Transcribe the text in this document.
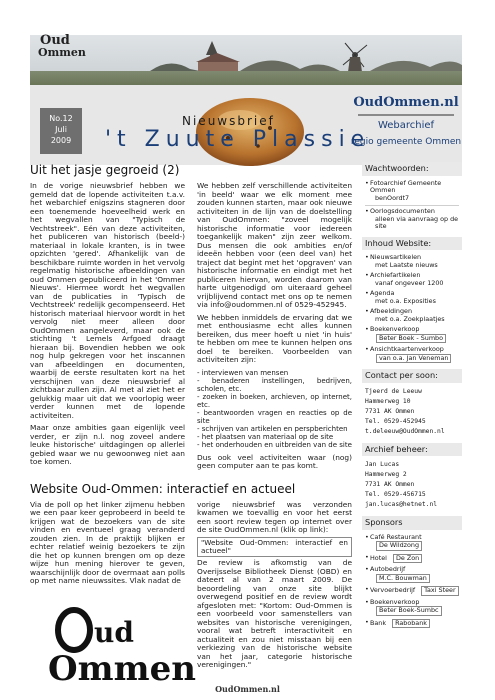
Oud
Ommen
No.12
Juli
2009
Nieuwsbrief
't Zuute Plassie
OudOmmen.nl
Webarchief
regio gemeente Ommen
Uit het jasje gegroeid (2)

In de vorige nieuwsbrief hebben we gemeld dat de lopende activiteiten t.a.v. het webarchief enigszins stagneren door een toenemende hoeveelheid werk en het wegvallen van "Typisch de Vechtstreek". Eén van deze activiteiten, het publiceren van historisch (beeld-) materiaal in lokale kranten, is in twee opzichten 'gered'. Afhankelijk van de beschikbare ruimte worden in het vervolg regelmatig historische afbeeldingen van oud Ommen gepubliceerd in het 'Ommer Nieuws'. Hiermee wordt het wegvallen van de publicaties in 'Typisch de Vechtstreek' redelijk gecompenseerd. Het historisch materiaal hiervoor wordt in het vervolg niet meer alleen door OudOmmen aangeleverd, maar ook de stichting 't Lemels Arfgoed draagt hieraan bij. Bovendien hebben we ook nog hulp gekregen voor het inscannen van afbeeldingen en documenten, waarbij de eerste resultaten kort na het verschijnen van deze nieuwsbrief al zichtbaar zullen zijn. Al met al ziet het er gelukkig maar uit dat we voorlopig weer verder kunnen met de lopende activiteiten.

Maar onze ambities gaan eigenlijk veel verder, er zijn n.l. nog zoveel andere leuke historische' uitdagingen op allerlei gebied waar we nu gewoonweg niet aan toe komen.

We hebben zelf verschillende activiteiten 'in beeld' waar we elk moment mee zouden kunnen starten, maar ook nieuwe activiteiten in de lijn van de doelstelling van OudOmmen: "zoveel mogelijk historische informatie voor iedereen toegankelijk maken" zijn zeer welkom. Dus mensen die ook ambities en/of ideeën hebben voor (een deel van) het traject dat begint met het 'opgraven' van historische informatie en eindigt met het publiceren hiervan, worden daarom van harte uitgenodigd om uiteraard geheel vrijblijvend contact met ons op te nemen via info@oudommen.nl of 0529-452945.

We hebben inmiddels de ervaring dat we met enthousiasme echt alles kunnen bereiken, dus meer hoeft u niet 'in huis' te hebben om mee te kunnen helpen ons doel te bereiken. Voorbeelden van activiteiten zijn:

- interviewen van mensen
- benaderen instellingen, bedrijven, scholen, etc.
- zoeken in boeken, archieven, op internet, etc.
- beantwoorden vragen en reacties op de site
- schrijven van artikelen en perspberichten
- het plaatsen van materiaal op de site
- het onderhouden en uitbreiden van de site

Dus ook veel activiteiten waar (nog) geen computer aan te pas komt.

Website Oud-Ommen: interactief en actueel

Via de poll op het linker zijmenu hebben we een paar keer geprobeerd in beeld te krijgen wat de bezoekers van de site vinden en eventueel graag veranderd zouden zien. In de praktijk blijken er echter relatief weinig bezoekers te zijn die het op kunnen brengen om op deze wijze hun mening hierover te geven, waarschijnlijk door de overmaat aan polls op met name nieuwssites. Vlak nadat de

ud
Ommen

vorige nieuwsbrief was verzonden kwamen we toevallig en voor het eerst een soort review tegen op internet over de site OudOmmen.nl (klik op link):

"Website Oud-Ommen: interactief en actueel"

De review is afkomstig van de Overijsselse Bibliotheek Dienst (OBD) en dateert al van 2 maart 2009. De beoordeling van onze site blijkt overwegend positief en de review wordt afgesloten met: "Kortom: Oud-Ommen is een voorbeeld voor samenstellers van websites van historische verenigingen, vooral wat betreft interactiviteit en actualiteit en zou niet misstaan bij een verkiezing van de historische website van het jaar, categorie historische verenigingen."

Wachtwoorden:
• Fotoarchief Gemeente Ommen
benOordt7
• Oorlogsdocumenten
alleen via aanvraag op de site
Inhoud Website:
• Nieuwsartikelen
met Laatste nieuws
• Archiefartikelen
vanaf ongeveer 1200
• Agenda
met o.a. Exposities
• Afbeeldingen
met o.a. Zoekplaatjes
• BoekenverkoopBeter Boek - Sumbo
• Ansichtkaartenverkoopvan o.a. Jan Veneman
Contact per soon:
Tjeerd de Leeuw
Hammerweg 10
7731 AK Ommen
Tel. 0529-452945
t.deleeuw@OudOmmen.nl
Archief beheer:
Jan Lucas
Hammerweg 2
7731 AK Ommen
Tel. 0529-456715
jan.lucas@hetnet.nl
Sponsors
• Café RestaurantDe Wildzong
• Hotel De Zon
• AutobedrijfM.C. Bouwman
• Vervoerbedrijf Taxi Steer
• BoekenverkoopBeter Boek-Sumbc
• Bank Rabobank
OudOmmen.nl
